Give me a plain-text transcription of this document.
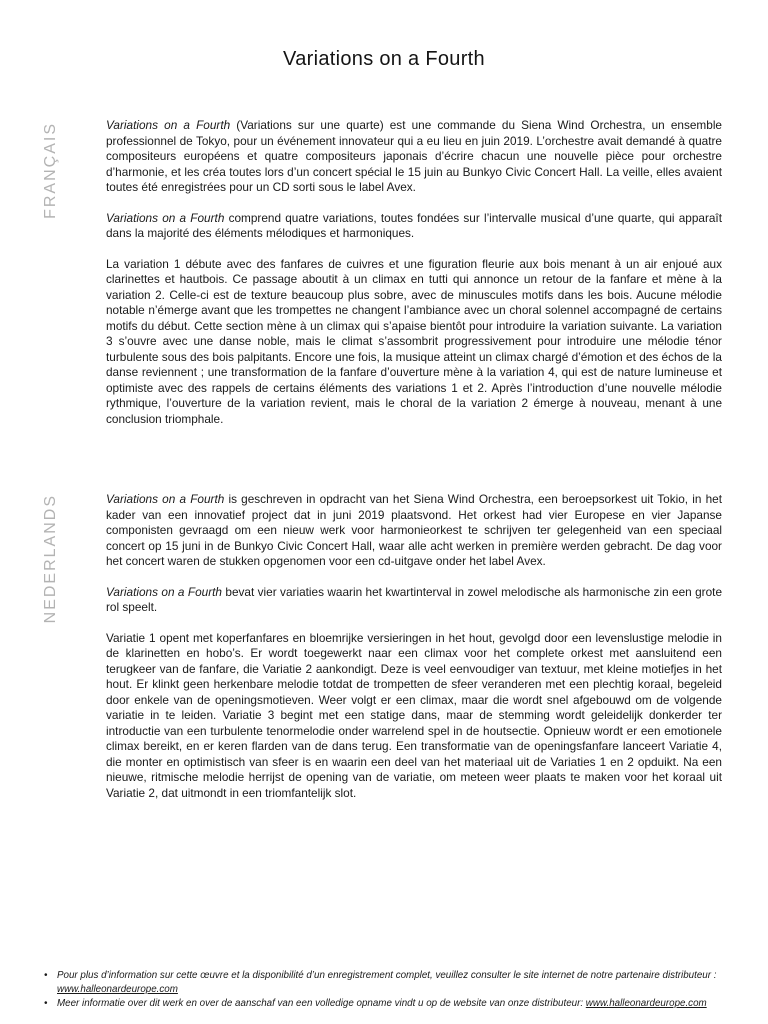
Variations on a Fourth
FRANÇAIS	Variations on a Fourth (Variations sur une quarte) est une commande du Siena Wind Orchestra, un ensemble professionnel de Tokyo, pour un événement innovateur qui a eu lieu en juin 2019. L’orchestre avait demandé à quatre compositeurs européens et quatre compositeurs japonais d’écrire chacun une nouvelle pièce pour orchestre d’harmonie, et les créa toutes lors d’un concert spécial le 15 juin au Bunkyo Civic Concert Hall. La veille, elles avaient toutes été enregistrées pour un CD sorti sous le label Avex.

Variations on a Fourth comprend quatre variations, toutes fondées sur l’intervalle musical d’une quarte, qui apparaît dans la majorité des éléments mélodiques et harmoniques.

La variation 1 débute avec des fanfares de cuivres et une figuration fleurie aux bois menant à un air enjoué aux clarinettes et hautbois. Ce passage aboutit à un climax en tutti qui annonce un retour de la fanfare et mène à la variation 2. Celle-ci est de texture beaucoup plus sobre, avec de minuscules motifs dans les bois. Aucune mélodie notable n’émerge avant que les trompettes ne changent l’ambiance avec un choral solennel accompagné de certains motifs du début. Cette section mène à un climax qui s’apaise bientôt pour introduire la variation suivante. La variation 3 s’ouvre avec une danse noble, mais le climat s’assombrit progressivement pour introduire une mélodie ténor turbulente sous des bois palpitants. Encore une fois, la musique atteint un climax chargé d’émotion et des échos de la danse reviennent ; une transformation de la fanfare d’ouverture mène à la variation 4, qui est de nature lumineuse et optimiste avec des rappels de certains éléments des variations 1 et 2. Après l’introduction d’une nouvelle mélodie rythmique, l’ouverture de la variation revient, mais le choral de la variation 2 émerge à nouveau, menant à une conclusion triomphale.

NEDERLANDS	Variations on a Fourth is geschreven in opdracht van het Siena Wind Orchestra, een beroepsorkest uit Tokio, in het kader van een innovatief project dat in juni 2019 plaatsvond. Het orkest had vier Europese en vier Japanse componisten gevraagd om een nieuw werk voor harmonieorkest te schrijven ter gelegenheid van een speciaal concert op 15 juni in de Bunkyo Civic Concert Hall, waar alle acht werken in première werden gebracht. De dag voor het concert waren de stukken opgenomen voor een cd-uitgave onder het label Avex.

Variations on a Fourth bevat vier variaties waarin het kwartinterval in zowel melodische als harmonische zin een grote rol speelt.

Variatie 1 opent met koperfanfares en bloemrijke versieringen in het hout, gevolgd door een levenslustige melodie in de klarinetten en hobo’s. Er wordt toegewerkt naar een climax voor het complete orkest met aansluitend een terugkeer van de fanfare, die Variatie 2 aankondigt. Deze is veel eenvoudiger van textuur, met kleine motiefjes in het hout. Er klinkt geen herkenbare melodie totdat de trompetten de sfeer veranderen met een plechtig koraal, begeleid door enkele van de openingsmotieven. Weer volgt er een climax, maar die wordt snel afgebouwd om de volgende variatie in te leiden. Variatie 3 begint met een statige dans, maar de stemming wordt geleidelijk donkerder ter introductie van een turbulente tenormelodie onder warrelend spel in de houtsectie. Opnieuw wordt er een emotionele climax bereikt, en er keren flarden van de dans terug. Een transformatie van de openingsfanfare lanceert Variatie 4, die monter en optimistisch van sfeer is en waarin een deel van het materiaal uit de Variaties 1 en 2 opduikt. Na een nieuwe, ritmische melodie herrijst de opening van de variatie, om meteen weer plaats te maken voor het koraal uit Variatie 2, dat uitmondt in een triomfantelijk slot.

• Pour plus d’information sur cette œuvre et la disponibilité d’un enregistrement complet, veuillez consulter le site internet de notre partenaire distributeur :
www.halleonardeurope.com
• Meer informatie over dit werk en over de aanschaf van een volledige opname vindt u op de website van onze distributeur: www.halleonardeurope.com
